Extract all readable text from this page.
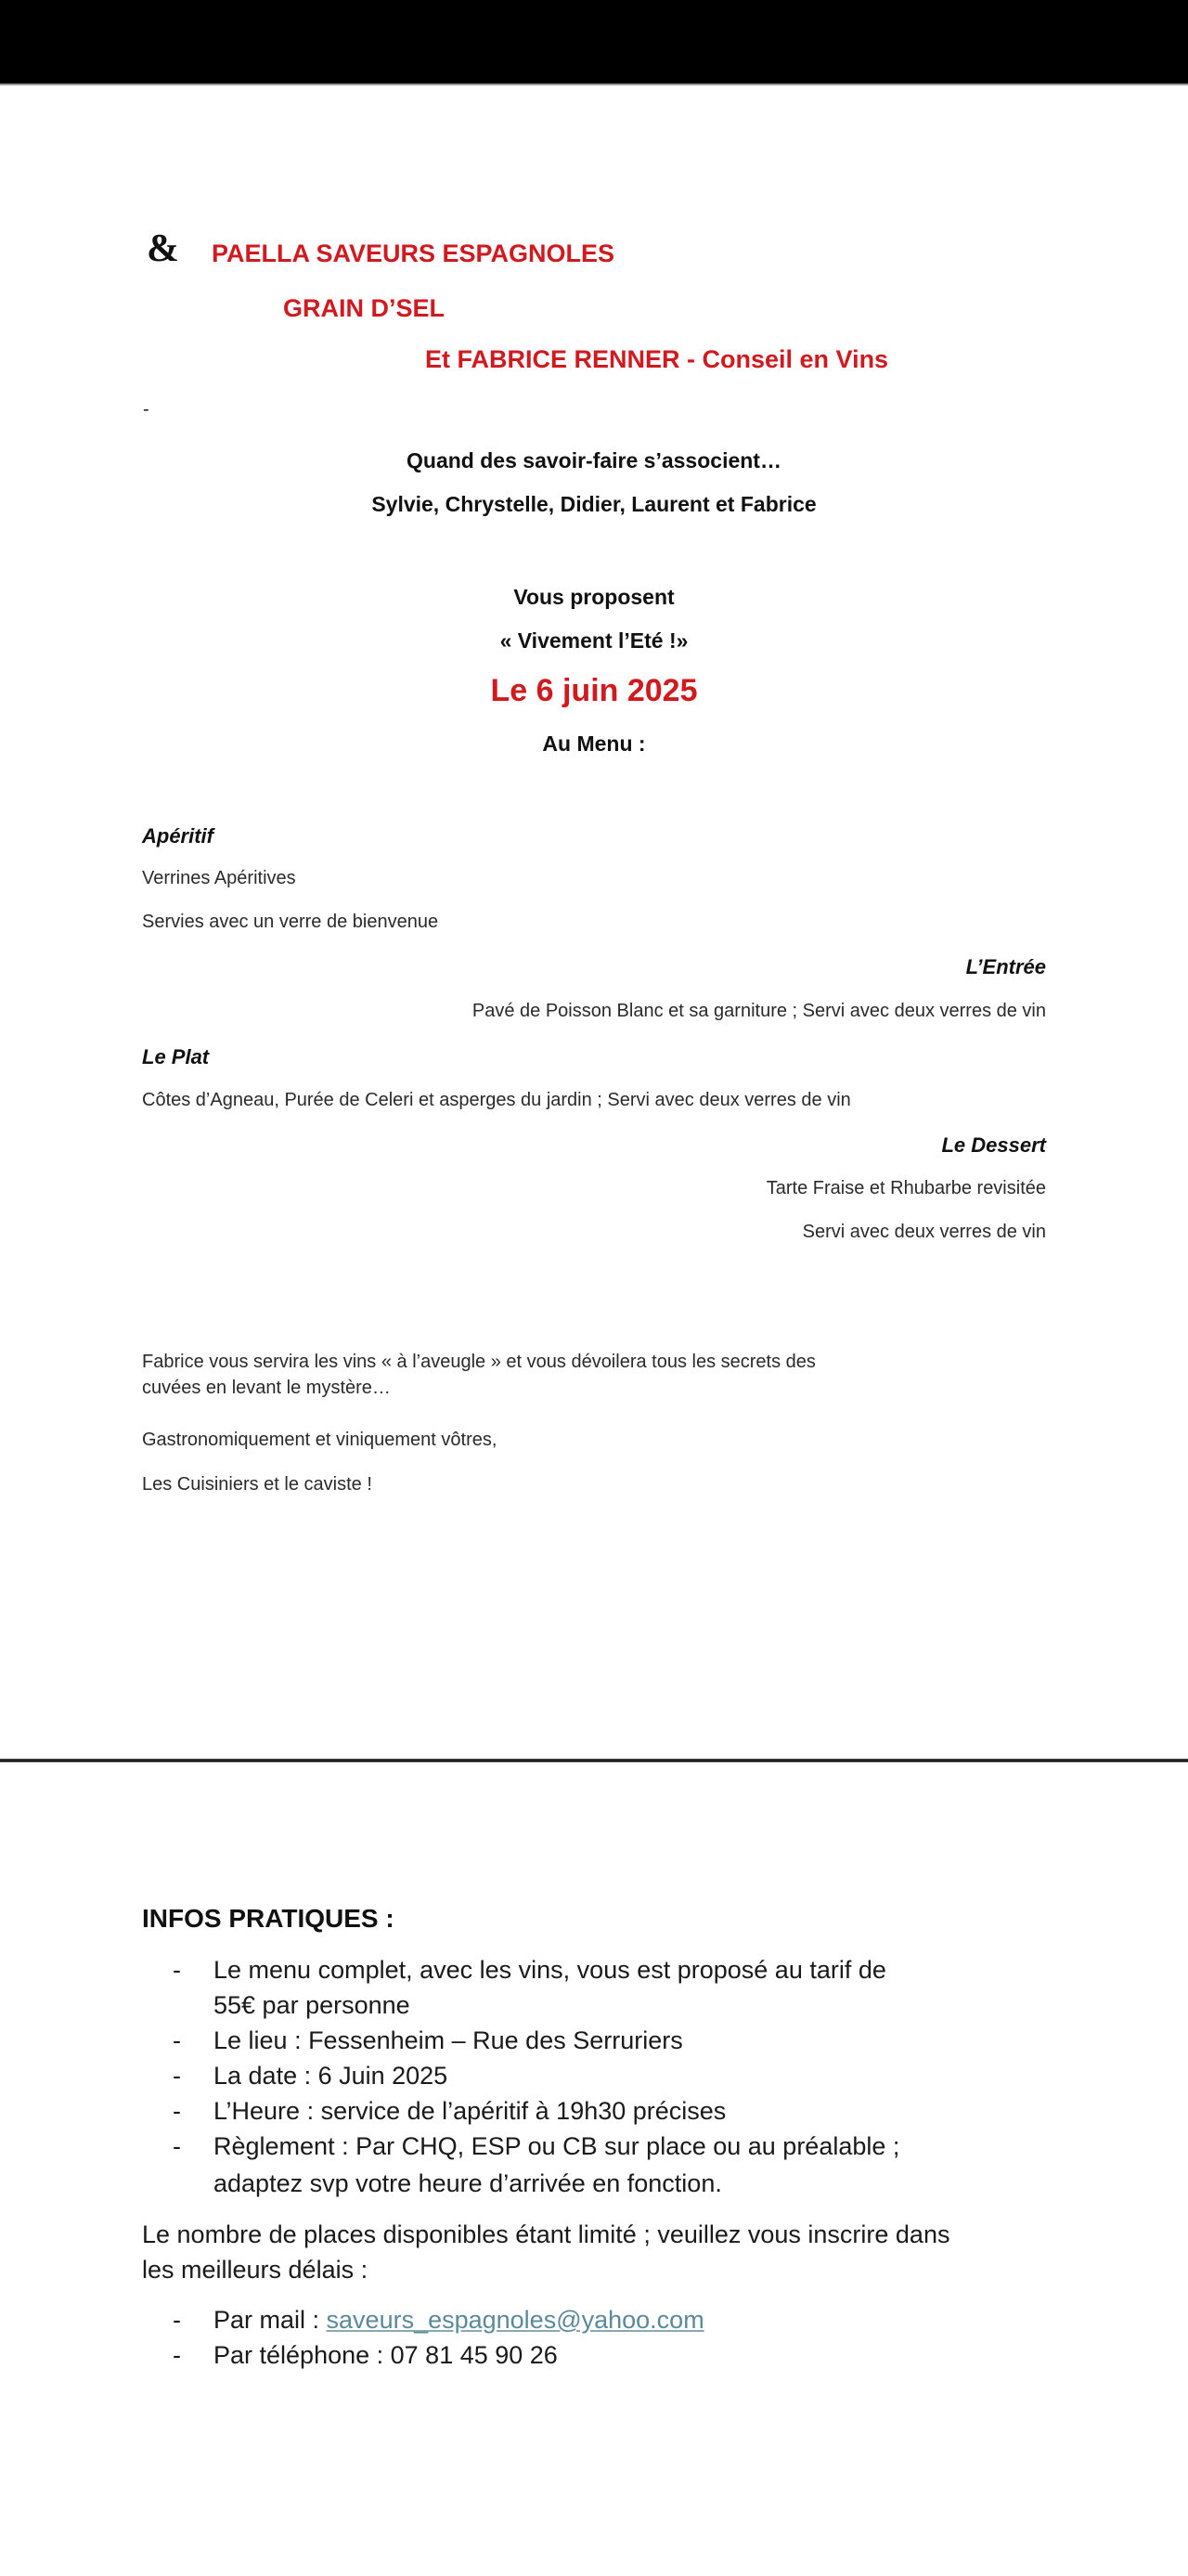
& PAELLA SAVEURS ESPAGNOLES
GRAIN D’SEL
Et FABRICE RENNER - Conseil en Vins
-
Quand des savoir-faire s’associent…
Sylvie, Chrystelle, Didier, Laurent et Fabrice
Vous proposent
« Vivement l’Eté !»
Le 6 juin 2025
Au Menu :
Apéritif
Verrines Apéritives
Servies avec un verre de bienvenue
L’Entrée
Pavé de Poisson Blanc et sa garniture ; Servi avec deux verres de vin
Le Plat
Côtes d’Agneau, Purée de Celeri et asperges du jardin ; Servi avec deux verres de vin
Le Dessert
Tarte Fraise et Rhubarbe revisitée
Servi avec deux verres de vin
Fabrice vous servira les vins « à l’aveugle » et vous dévoilera tous les secrets des
cuvées en levant le mystère…
Gastronomiquement et viniquement vôtres,
Les Cuisiniers et le caviste !
INFOS PRATIQUES :
- Le menu complet, avec les vins, vous est proposé au tarif de
55€ par personne
- Le lieu : Fessenheim – Rue des Serruriers
- La date : 6 Juin 2025
- L’Heure : service de l’apéritif à 19h30 précises
- Règlement : Par CHQ, ESP ou CB sur place ou au préalable ;
adaptez svp votre heure d’arrivée en fonction.
Le nombre de places disponibles étant limité ; veuillez vous inscrire dans
les meilleurs délais :
- Par mail : saveurs_espagnoles@yahoo.com
- Par téléphone : 07 81 45 90 26
